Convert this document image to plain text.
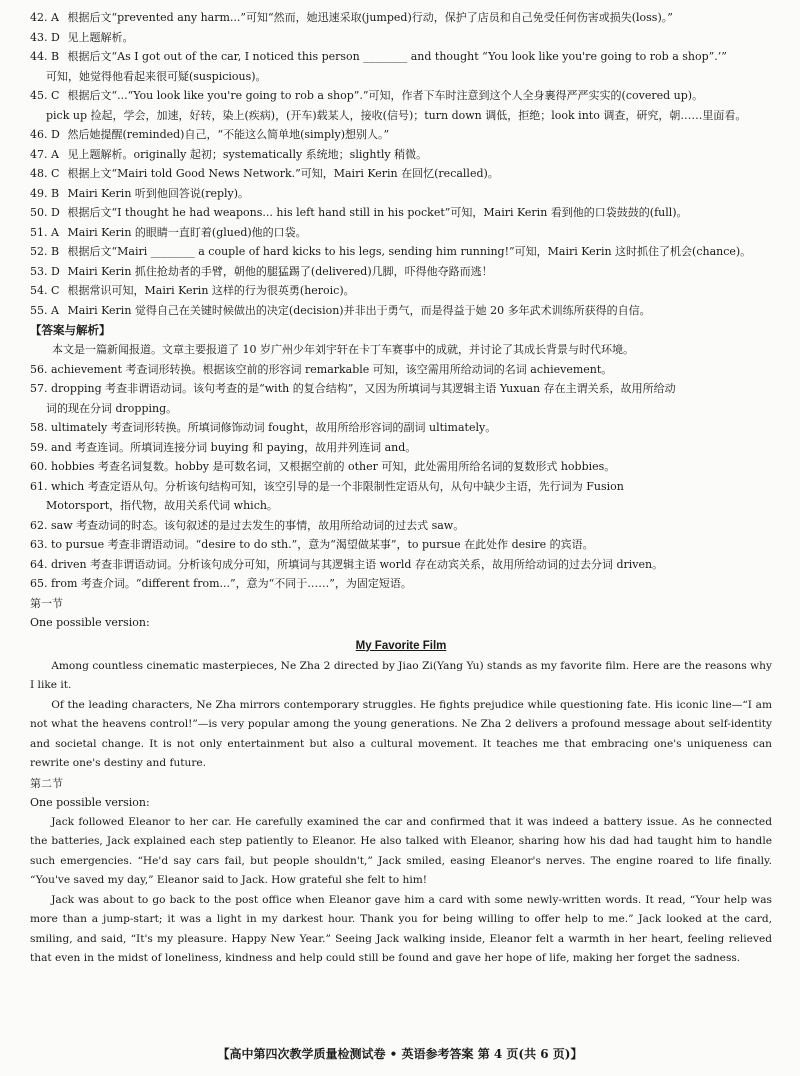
42. A 根据后文“prevented any harm...”可知“然而，她迅速采取(jumped)行动，保护了店员和自己免受任何伤害或损失(loss)。”

43. D 见上题解析。

44. B 根据后文“As I got out of the car, I noticed this person ________ and thought “You look like you're going to rob a shop”.’”

可知，她觉得他看起来很可疑(suspicious)。

45. C 根据后文“...“You look like you're going to rob a shop”.”可知，作者下车时注意到这个人全身裹得严严实实的(covered up)。

pick up 捡起，学会，加速，好转，染上(疾病)，(开车)载某人，接收(信号)；turn down 调低，拒绝；look into 调查，研究，朝……里面看。

46. D 然后她提醒(reminded)自己，“不能这么简单地(simply)想别人。”

47. A 见上题解析。originally 起初；systematically 系统地；slightly 稍微。

48. C 根据上文“Mairi told Good News Network.”可知，Mairi Kerin 在回忆(recalled)。

49. B Mairi Kerin 听到他回答说(reply)。

50. D 根据后文“I thought he had weapons... his left hand still in his pocket”可知，Mairi Kerin 看到他的口袋鼓鼓的(full)。

51. A Mairi Kerin 的眼睛一直盯着(glued)他的口袋。

52. B 根据后文“Mairi ________ a couple of hard kicks to his legs, sending him running!”可知，Mairi Kerin 这时抓住了机会(chance)。

53. D Mairi Kerin 抓住抢劫者的手臂，朝他的腿猛踢了(delivered)几脚，吓得他夺路而逃！

54. C 根据常识可知，Mairi Kerin 这样的行为很英勇(heroic)。

55. A Mairi Kerin 觉得自己在关键时候做出的决定(decision)并非出于勇气，而是得益于她 20 多年武术训练所获得的自信。

【答案与解析】

本文是一篇新闻报道。文章主要报道了 10 岁广州少年刘宇轩在卡丁车赛事中的成就，并讨论了其成长背景与时代环境。

56. achievement 考查词形转换。根据该空前的形容词 remarkable 可知，该空需用所给动词的名词 achievement。

57. dropping 考查非谓语动词。该句考查的是“with 的复合结构”，又因为所填词与其逻辑主语 Yuxuan 存在主谓关系，故用所给动

词的现在分词 dropping。

58. ultimately 考查词形转换。所填词修饰动词 fought，故用所给形容词的副词 ultimately。

59. and 考查连词。所填词连接分词 buying 和 paying，故用并列连词 and。

60. hobbies 考查名词复数。hobby 是可数名词，又根据空前的 other 可知，此处需用所给名词的复数形式 hobbies。

61. which 考查定语从句。分析该句结构可知，该空引导的是一个非限制性定语从句，从句中缺少主语，先行词为 Fusion

Motorsport，指代物，故用关系代词 which。

62. saw 考查动词的时态。该句叙述的是过去发生的事情，故用所给动词的过去式 saw。

63. to pursue 考查非谓语动词。“desire to do sth.”，意为“渴望做某事”，to pursue 在此处作 desire 的宾语。

64. driven 考查非谓语动词。分析该句成分可知，所填词与其逻辑主语 world 存在动宾关系，故用所给动词的过去分词 driven。

65. from 考查介词。“different from...”，意为“不同于……”，为固定短语。

第一节

One possible version:

My Favorite Film

Among countless cinematic masterpieces, Ne Zha 2 directed by Jiao Zi(Yang Yu) stands as my favorite film. Here are the reasons why I like it.

Of the leading characters, Ne Zha mirrors contemporary struggles. He fights prejudice while questioning fate. His iconic line—“I am not what the heavens control!”—is very popular among the young generations. Ne Zha 2 delivers a profound message about self-identity and societal change. It is not only entertainment but also a cultural movement. It teaches me that embracing one's uniqueness can rewrite one's destiny and future.

第二节

One possible version:

Jack followed Eleanor to her car. He carefully examined the car and confirmed that it was indeed a battery issue. As he connected the batteries, Jack explained each step patiently to Eleanor. He also talked with Eleanor, sharing how his dad had taught him to handle such emergencies. “He'd say cars fail, but people shouldn't,” Jack smiled, easing Eleanor's nerves. The engine roared to life finally. “You've saved my day,” Eleanor said to Jack. How grateful she felt to him!

Jack was about to go back to the post office when Eleanor gave him a card with some newly-written words. It read, “Your help was more than a jump-start; it was a light in my darkest hour. Thank you for being willing to offer help to me.” Jack looked at the card, smiling, and said, “It's my pleasure. Happy New Year.” Seeing Jack walking inside, Eleanor felt a warmth in her heart, feeling relieved that even in the midst of loneliness, kindness and help could still be found and gave her hope of life, making her forget the sadness.

【高中第四次教学质量检测试卷 • 英语参考答案 第 4 页(共 6 页)】
